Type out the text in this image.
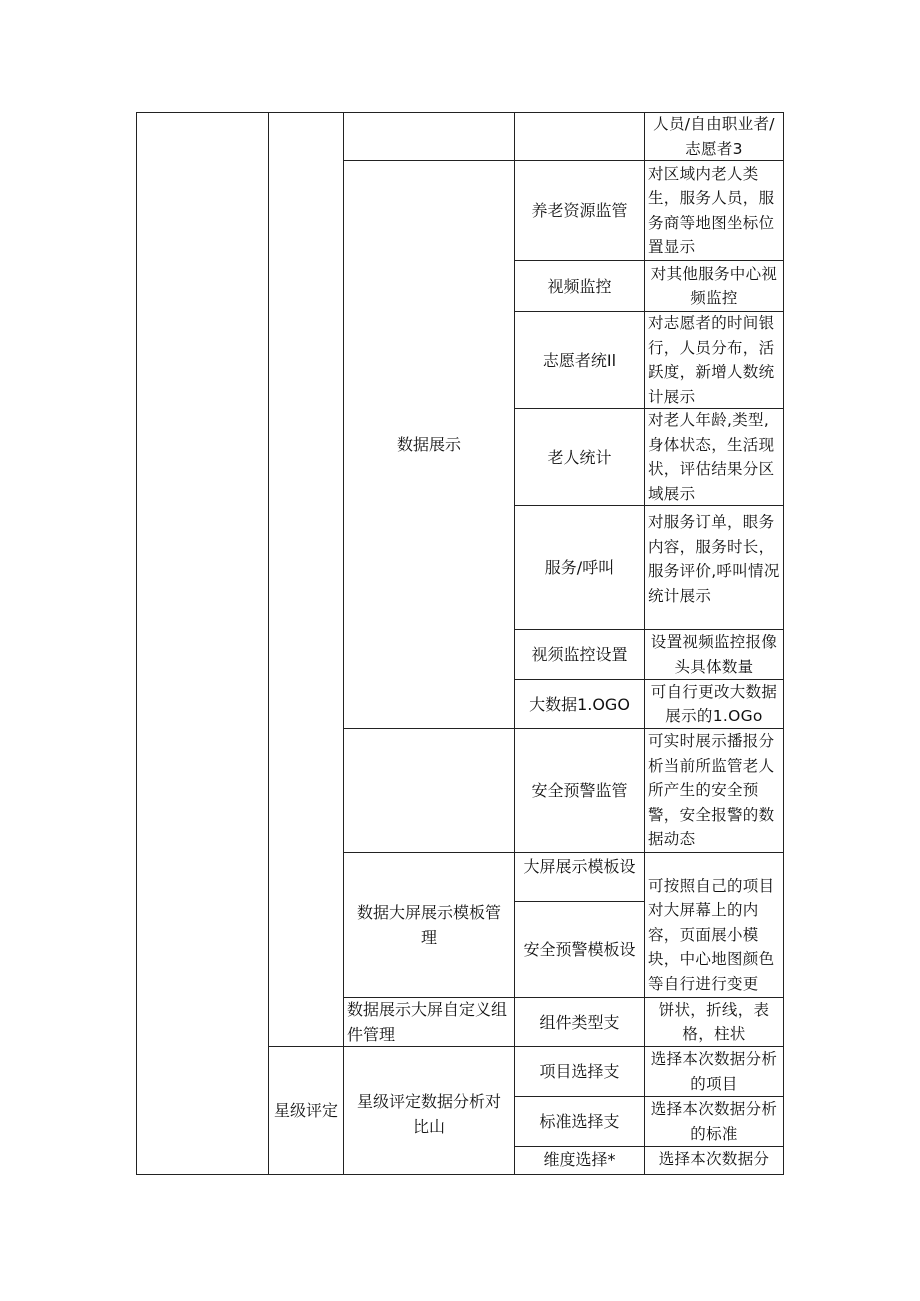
星级评定
数据展示
数据大屏展示模板管理
数据展示大屏自定义组件管理
星级评定数据分析对比山
养老资源监管
视频监控
志愿者统Il
老人统计
服务/呼叫
视须监控设置
大数据1.OGO
安全预警监管
大屏展示模板设
安全预警模板设
组件类型支
项目选择支
标准选择支
维度选择*
人员/自由职业者/志愿者3
对区域内老人类生，服务人员，服务商等地图坐标位置显示
对其他服务中心视频监控
对志愿者的时间银行，人员分布，活跃度，新增人数统计展示
对老人年龄,类型,身体状态，生活现状，评估结果分区域展示
对服务订单，眼务内容，服务时长，服务评价,呼叫情况统计展示
设置视频监控报像头具体数量
可自行更改大数据展示的1.OGo
可实时展示播报分析当前所监管老人所产生的安全预警，安全报警的数据动态
可按照自己的项目对大屏幕上的内容，页面展小模块，中心地图颜色等自行进行变更
饼状，折线，表格，柱状
选择本次数据分析的项目
选择本次数据分析的标准
选择本次数据分
